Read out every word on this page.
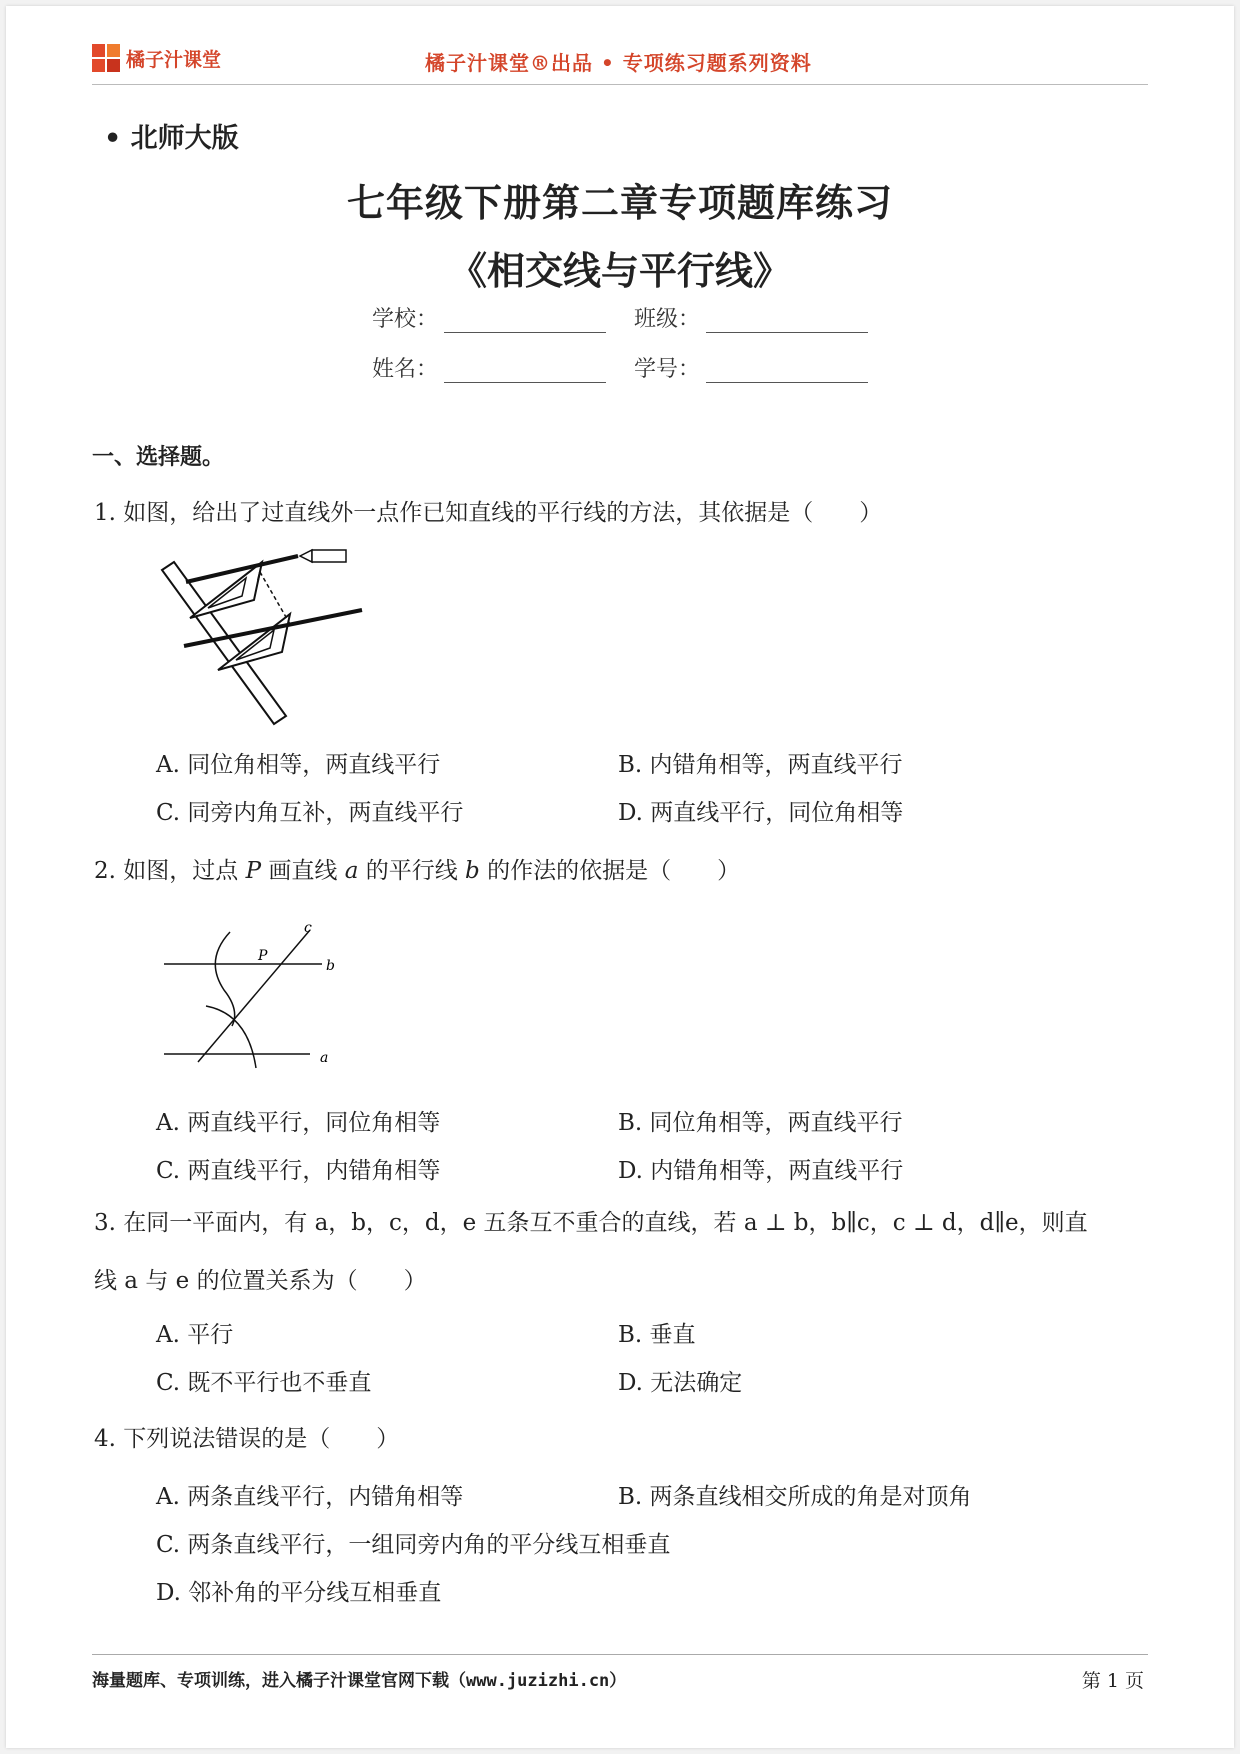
橘子汁课堂	橘子汁课堂®出品 • 专项练习题系列资料
• 北师大版
七年级下册第二章专项题库练习
《相交线与平行线》
学校：	班级：
姓名：	学号：
一、选择题。
1. 如图，给出了过直线外一点作已知直线的平行线的方法，其依据是（　　）
A. 同位角相等，两直线平行	B. 内错角相等，两直线平行
C. 同旁内角互补，两直线平行	D. 两直线平行，同位角相等
2. 如图，过点 P 画直线 a 的平行线 b 的作法的依据是（　　）
P
c
b
a
A. 两直线平行，同位角相等	B. 同位角相等，两直线平行
C. 两直线平行，内错角相等	D. 内错角相等，两直线平行
3. 在同一平面内，有 a，b，c，d，e 五条互不重合的直线，若 a ⊥ b，b∥c，c ⊥ d，d∥e，则直
线 a 与 e 的位置关系为（　　）
A. 平行	B. 垂直
C. 既不平行也不垂直	D. 无法确定
4. 下列说法错误的是（　　）
A. 两条直线平行，内错角相等	B. 两条直线相交所成的角是对顶角
C. 两条直线平行，一组同旁内角的平分线互相垂直
D. 邻补角的平分线互相垂直
海量题库、专项训练，进入橘子汁课堂官网下载（www.juzizhi.cn）	第 1 页
